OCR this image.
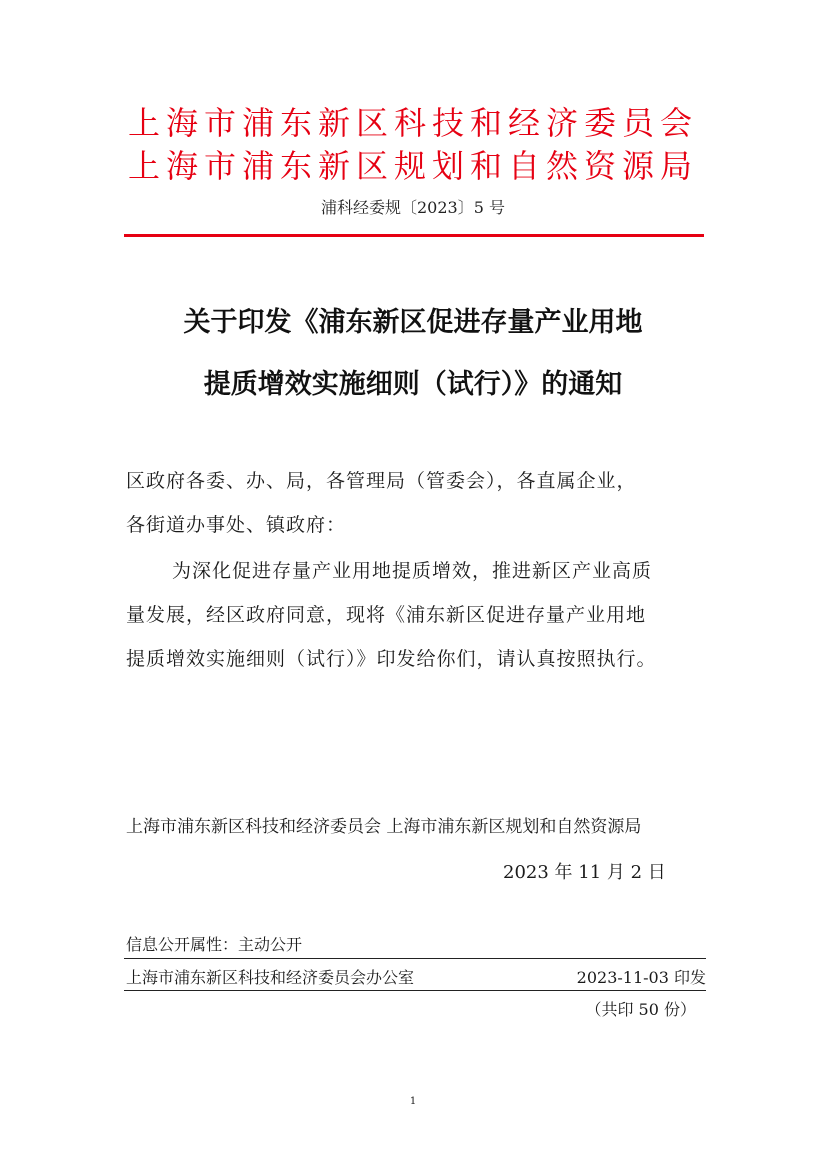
上海市浦东新区科技和经济委员会
上海市浦东新区规划和自然资源局
浦科经委规〔2023〕5 号
关于印发《浦东新区促进存量产业用地
提质增效实施细则（试行）》的通知
区政府各委、办、局，各管理局（管委会），各直属企业，
各街道办事处、镇政府：
为深化促进存量产业用地提质增效，推进新区产业高质
量发展，经区政府同意，现将《浦东新区促进存量产业用地
提质增效实施细则（试行）》印发给你们，请认真按照执行。
上海市浦东新区科技和经济委员会 上海市浦东新区规划和自然资源局
2023 年 11 月 2 日
信息公开属性：主动公开
上海市浦东新区科技和经济委员会办公室	2023-11-03 印发
（共印 50 份）
1
